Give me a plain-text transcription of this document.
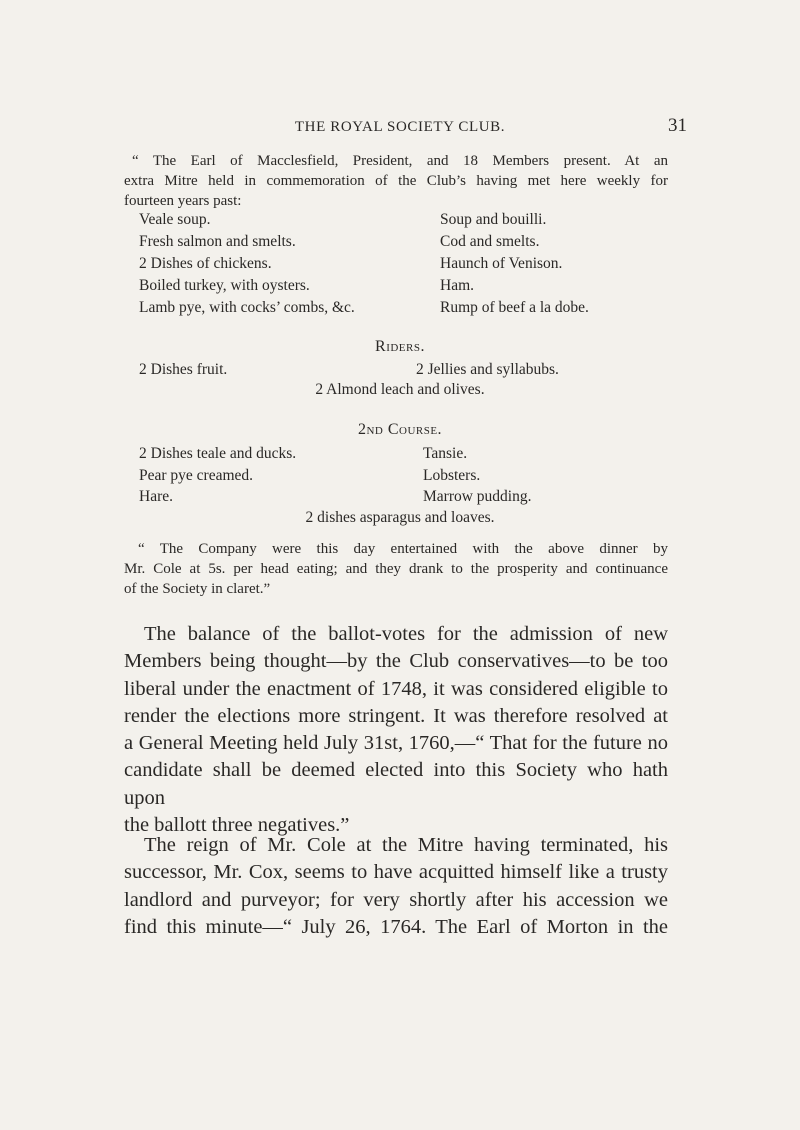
THE ROYAL SOCIETY CLUB.	31
“ The Earl of Macclesfield, President, and 18 Members present. At an
extra Mitre held in commemoration of the Club’s having met here weekly for
fourteen years past:
Veale soup.
Fresh salmon and smelts.
2 Dishes of chickens.
Boiled turkey, with oysters.
Lamb pye, with cocks’ combs, &c.
Soup and bouilli.
Cod and smelts.
Haunch of Venison.
Ham.
Rump of beef a la dobe.
Riders.
2 Dishes fruit.	2 Jellies and syllabubs.
2 Almond leach and olives.
2nd Course.
2 Dishes teale and ducks.
Pear pye creamed.
Hare.
Tansie.
Lobsters.
Marrow pudding.
2 dishes asparagus and loaves.
“ The Company were this day entertained with the above dinner by
Mr. Cole at 5s. per head eating; and they drank to the prosperity and continuance
of the Society in claret.”
The balance of the ballot-votes for the admission of new
Members being thought—by the Club conservatives—to be too
liberal under the enactment of 1748, it was considered eligible to
render the elections more stringent. It was therefore resolved at
a General Meeting held July 31st, 1760,—“ That for the future no
candidate shall be deemed elected into this Society who hath upon
the ballott three negatives.”
The reign of Mr. Cole at the Mitre having terminated, his
successor, Mr. Cox, seems to have acquitted himself like a trusty
landlord and purveyor; for very shortly after his accession we
find this minute—“ July 26, 1764. The Earl of Morton in the
